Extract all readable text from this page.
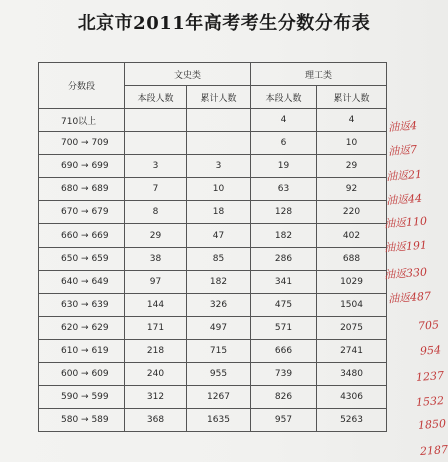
北京市2011年高考考生分数分布表
分数段	文史类		理工类	
	本段人数	累计人数	本段人数	累计人数
710以上			4	4
700 → 709			6	10
690 → 699	3	3	19	29
680 → 689	7	10	63	92
670 → 679	8	18	128	220
660 → 669	29	47	182	402
650 → 659	38	85	286	688
640 → 649	97	182	341	1029
630 → 639	144	326	475	1504
620 → 629	171	497	571	2075
610 → 619	218	715	666	2741
600 → 609	240	955	739	3480
590 → 599	312	1267	826	4306
580 → 589	368	1635	957	5263
油返4
油返7
油返21
油返44
油返110
油返191
油返330
油返487
705
954
1237
1532
1850
2187
